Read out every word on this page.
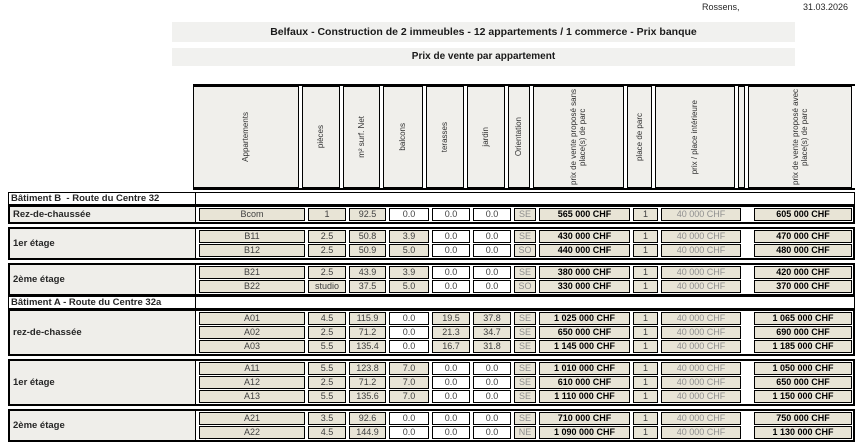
Rossens,	31.03.2026
Belfaux - Construction de 2 immeubles - 12 appartements / 1 commerce - Prix banque
Prix de vente par appartement
Appartements	pièces	m² surf. Net	balcons	terasses	jardin	Orientation	prix de vente proposé sans place(s) de parc	place de parc	prix / place intérieure	prix de vente proposé avec place(s) de parc
Bâtiment B  - Route du Centre 32
Rez-de-chaussée	Bcom	1	92.5	0.0	0.0	0.0	SE	565 000 CHF	1	40 000 CHF	605 000 CHF
1er étage
B11	2.5	50.8	3.9	0.0	0.0	SE	430 000 CHF	1	40 000 CHF	470 000 CHF
B12	2.5	50.9	5.0	0.0	0.0	SO	440 000 CHF	1	40 000 CHF	480 000 CHF
2ème étage
B21	2.5	43.9	3.9	0.0	0.0	SE	380 000 CHF	1	40 000 CHF	420 000 CHF
B22	studio	37.5	5.0	0.0	0.0	SO	330 000 CHF	1	40 000 CHF	370 000 CHF
Bâtiment A - Route du Centre 32a
rez-de-chassée
A01	4.5	115.9	0.0	19.5	37.8	SE	1 025 000 CHF	1	40 000 CHF	1 065 000 CHF
A02	2.5	71.2	0.0	21.3	34.7	SE	650 000 CHF	1	40 000 CHF	690 000 CHF
A03	5.5	135.4	0.0	16.7	31.8	SE	1 145 000 CHF	1	40 000 CHF	1 185 000 CHF
1er étage
A11	5.5	123.8	7.0	0.0	0.0	SE	1 010 000 CHF	1	40 000 CHF	1 050 000 CHF
A12	2.5	71.2	7.0	0.0	0.0	SE	610 000 CHF	1	40 000 CHF	650 000 CHF
A13	5.5	135.6	7.0	0.0	0.0	SE	1 110 000 CHF	1	40 000 CHF	1 150 000 CHF
2ème étage
A21	3.5	92.6	0.0	0.0	0.0	SE	710 000 CHF	1	40 000 CHF	750 000 CHF
A22	4.5	144.9	0.0	0.0	0.0	NE	1 090 000 CHF	1	40 000 CHF	1 130 000 CHF
